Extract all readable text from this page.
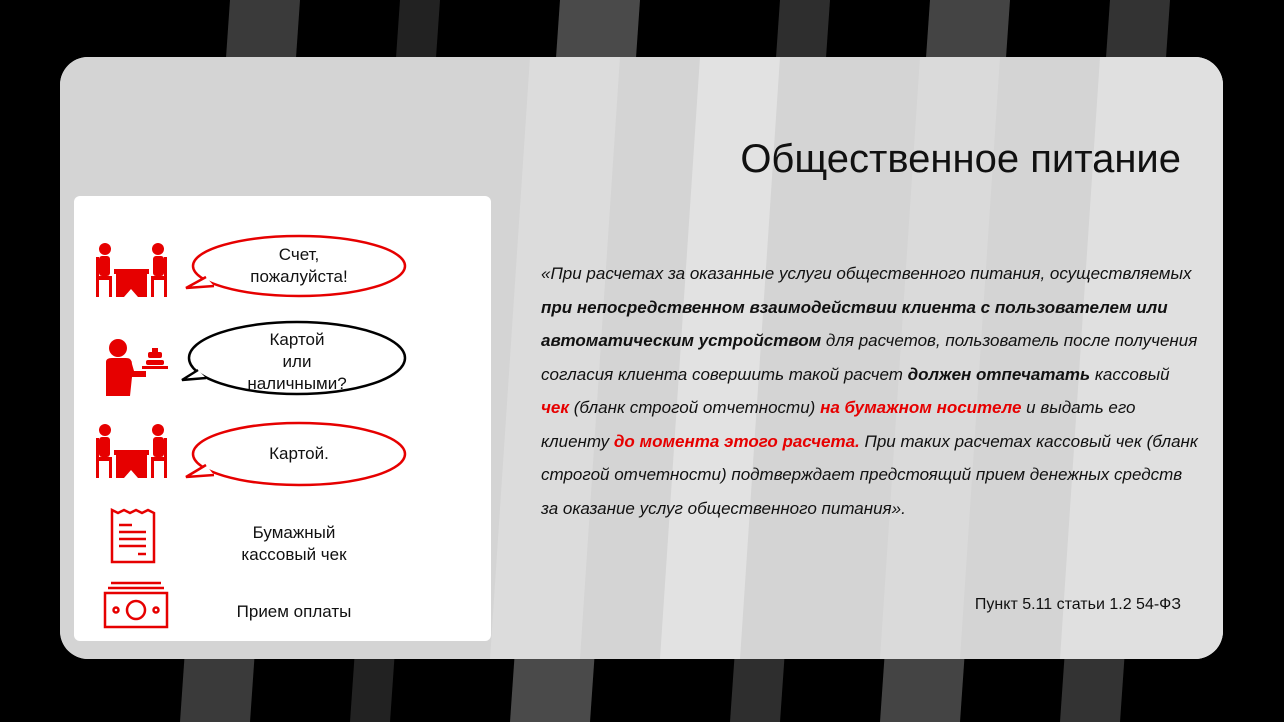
Общественное питание
Счет,
пожалуйста!
Картой
или
наличными?
Картой.
Бумажный
кассовый чек
Прием оплаты

«При расчетах за оказанные услуги общественного питания, осуществляемых при непосредственном взаимодействии клиента с пользователем или автоматическим устройством для расчетов, пользователь после получения согласия клиента совершить такой расчет должен отпечатать кассовый чек (бланк строгой отчетности) на бумажном носителе и выдать его клиенту до момента этого расчета. При таких расчетах кассовый чек (бланк строгой отчетности) подтверждает предстоящий прием денежных средств за оказание услуг общественного питания».

Пункт 5.11 статьи 1.2 54-ФЗ
